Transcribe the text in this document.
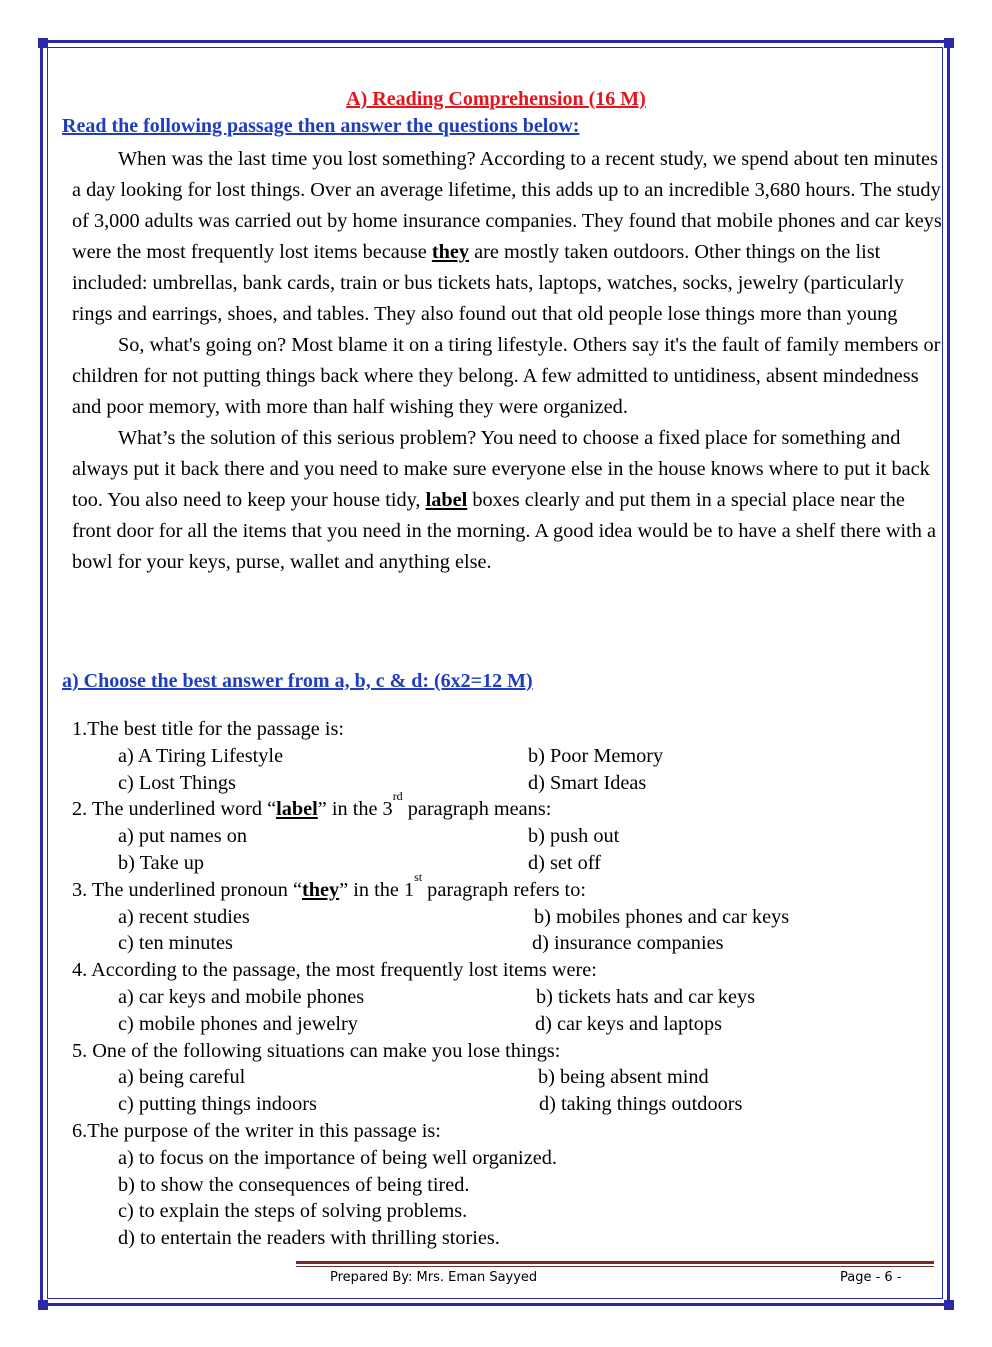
A) Reading Comprehension (16 M)
Read the following passage then answer the questions below:

When was the last time you lost something? According to a recent study, we spend about ten minutes a day looking for lost things. Over an average lifetime, this adds up to an incredible 3,680 hours. The study of 3,000 adults was carried out by home insurance companies. They found that mobile phones and car keys were the most frequently lost items because they are mostly taken outdoors. Other things on the list included: umbrellas, bank cards, train or bus tickets hats, laptops, watches, socks, jewelry (particularly rings and earrings, shoes, and tables. They also found out that old people lose things more than young

So, what's going on? Most blame it on a tiring lifestyle. Others say it's the fault of family members or children for not putting things back where they belong. A few admitted to untidiness, absent mindedness and poor memory, with more than half wishing they were organized.

What’s the solution of this serious problem? You need to choose a fixed place for something and always put it back there and you need to make sure everyone else in the house knows where to put it back too. You also need to keep your house tidy, label boxes clearly and put them in a special place near the front door for all the items that you need in the morning. A good idea would be to have a shelf there with a bowl for your keys, purse, wallet and anything else.

a) Choose the best answer from a, b, c & d: (6x2=12 M)
1.The best title for the passage is:
a) A Tiring Lifestyle	b) Poor Memory
c) Lost Things	d) Smart Ideas
2. The underlined word “ label ” in the 3
rd
paragraph means:
a) put names on	b) push out
b) Take up	d) set off
3. The underlined pronoun “ they ” in the 1
st
paragraph refers to:
a) recent studies	b) mobiles phones and car keys
c) ten minutes	d) insurance companies
4. According to the passage, the most frequently lost items were:
a) car keys and mobile phones	b) tickets hats and car keys
c) mobile phones and jewelry	d) car keys and laptops
5. One of the following situations can make you lose things:
a) being careful	b) being absent mind
c) putting things indoors	d) taking things outdoors
6.The purpose of the writer in this passage is:
a) to focus on the importance of being well organized.
b) to show the consequences of being tired.
c) to explain the steps of solving problems.
d) to entertain the readers with thrilling stories.
Prepared By: Mrs. Eman Sayyed	Page - 6 -
